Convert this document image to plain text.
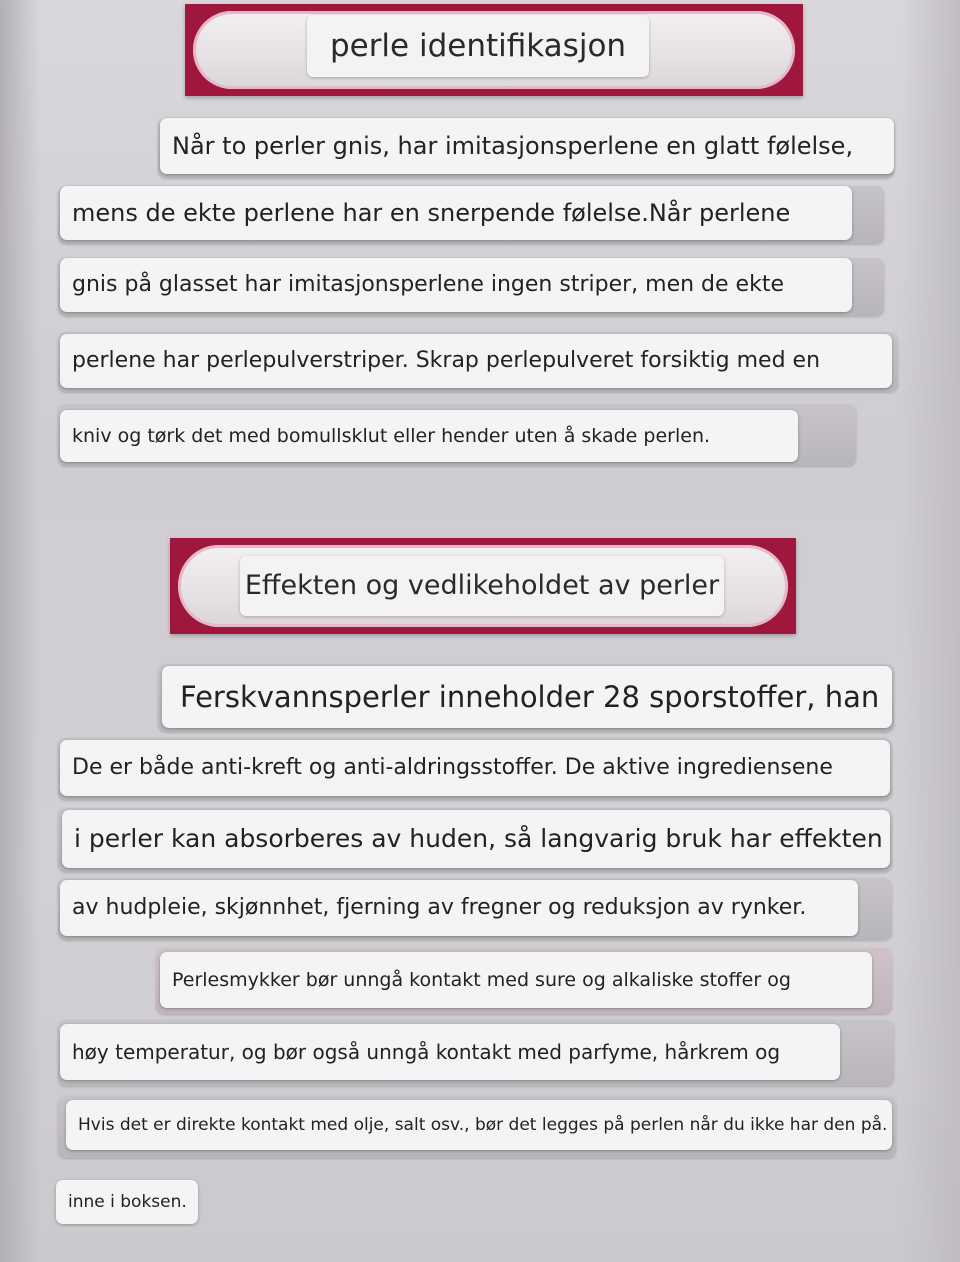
perle identifikasjon
Når to perler gnis, har imitasjonsperlene en glatt følelse,
mens de ekte perlene har en snerpende følelse.Når perlene
gnis på glasset har imitasjonsperlene ingen striper, men de ekte
perlene har perlepulverstriper. Skrap perlepulveret forsiktig med en
kniv og tørk det med bomullsklut eller hender uten å skade perlen.
Effekten og vedlikeholdet av perler
Ferskvannsperler inneholder 28 sporstoffer, han
De er både anti-kreft og anti-aldringsstoffer. De aktive ingrediensene
i perler kan absorberes av huden, så langvarig bruk har effekten
av hudpleie, skjønnhet, fjerning av fregner og reduksjon av rynker.
Perlesmykker bør unngå kontakt med sure og alkaliske stoffer og
høy temperatur, og bør også unngå kontakt med parfyme, hårkrem og
Hvis det er direkte kontakt med olje, salt osv., bør det legges på perlen når du ikke har den på.
inne i boksen.
